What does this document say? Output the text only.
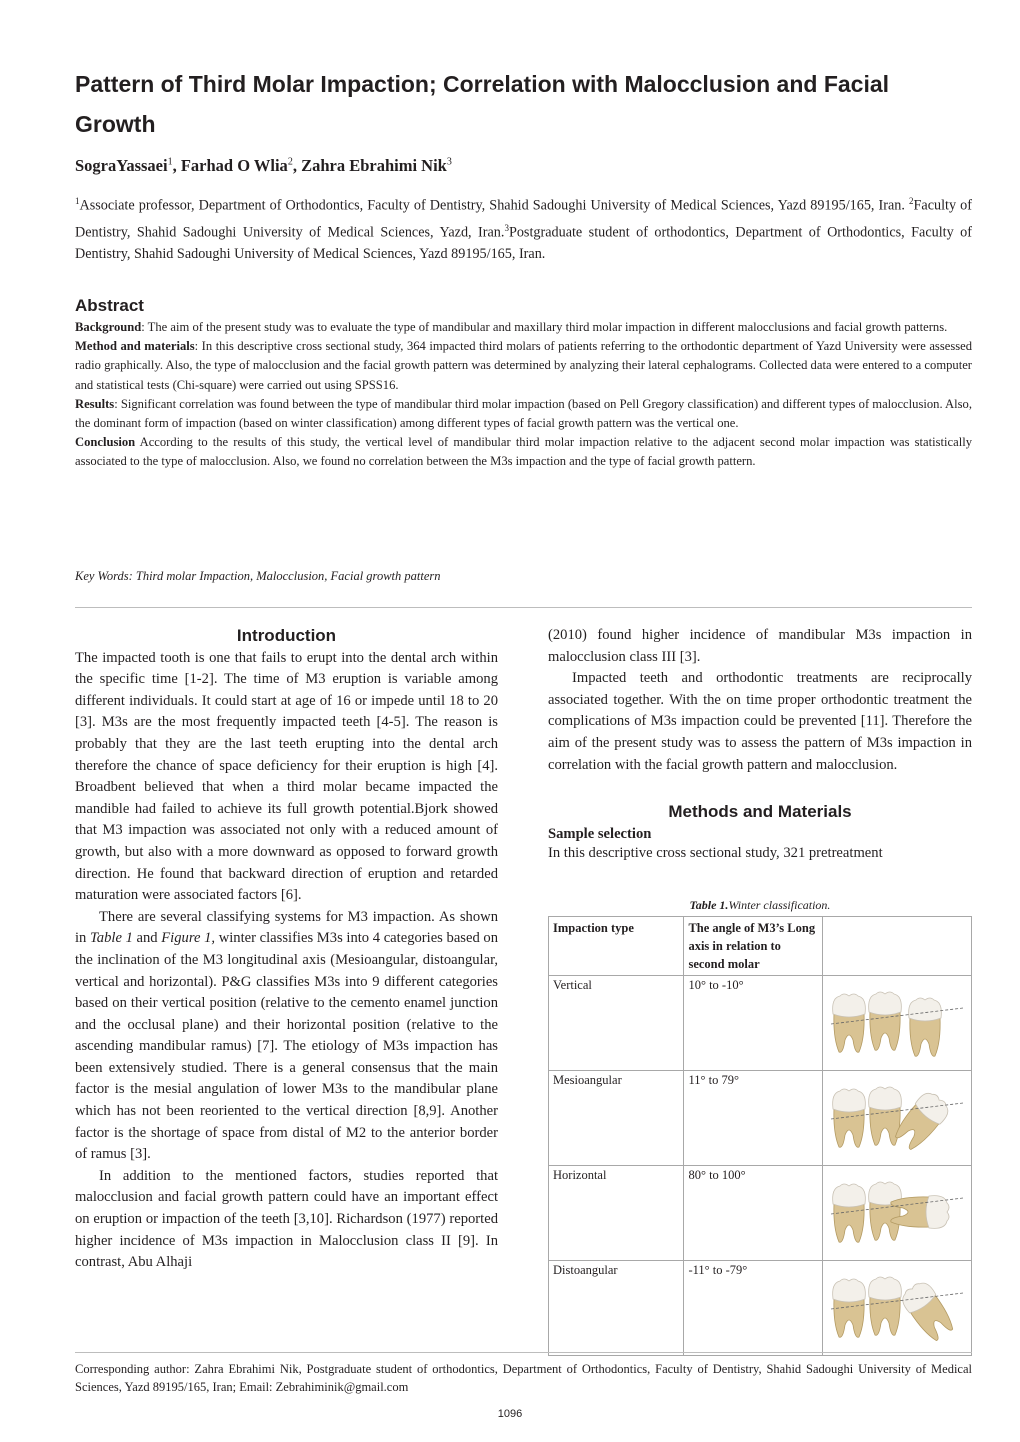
Pattern of Third Molar Impaction; Correlation with Malocclusion and Facial Growth
SograYassaei$^1$, Farhad O Wlia$^2$, Zahra Ebrahimi Nik$^3$
$^1$Associate professor, Department of Orthodontics, Faculty of Dentistry, Shahid Sadoughi University of Medical Sciences, Yazd 89195/165, Iran. $^2$Faculty of Dentistry, Shahid Sadoughi University of Medical Sciences, Yazd, Iran.$^3$Postgraduate student of orthodontics, Department of Orthodontics, Faculty of Dentistry, Shahid Sadoughi University of Medical Sciences, Yazd 89195/165, Iran.
Abstract

Background: The aim of the present study was to evaluate the type of mandibular and maxillary third molar impaction in different malocclusions and facial growth patterns.

Method and materials: In this descriptive cross sectional study, 364 impacted third molars of patients referring to the orthodontic department of Yazd University were assessed radio graphically. Also, the type of malocclusion and the facial growth pattern was determined by analyzing their lateral cephalograms. Collected data were entered to a computer and statistical tests (Chi-square) were carried out using SPSS16.

Results: Significant correlation was found between the type of mandibular third molar impaction (based on Pell Gregory classification) and different types of malocclusion. Also, the dominant form of impaction (based on winter classification) among different types of facial growth pattern was the vertical one.

Conclusion According to the results of this study, the vertical level of mandibular third molar impaction relative to the adjacent second molar impaction was statistically associated to the type of malocclusion. Also, we found no correlation between the M3s impaction and the type of facial growth pattern.

Key Words: Third molar Impaction, Malocclusion, Facial growth pattern
Introduction

The impacted tooth is one that fails to erupt into the dental arch within the specific time [1-2]. The time of M3 eruption is variable among different individuals. It could start at age of 16 or impede until 18 to 20 [3]. M3s are the most frequently impacted teeth [4-5]. The reason is probably that they are the last teeth erupting into the dental arch therefore the chance of space deficiency for their eruption is high [4]. Broadbent believed that when a third molar became impacted the mandible had failed to achieve its full growth potential.Bjork showed that M3 impaction was associated not only with a reduced amount of growth, but also with a more downward as opposed to forward growth direction. He found that backward direction of eruption and retarded maturation were associated factors [6].

There are several classifying systems for M3 impaction. As shown in Table 1 and Figure 1, winter classifies M3s into 4 categories based on the inclination of the M3 longitudinal axis (Mesioangular, distoangular, vertical and horizontal). P&G classifies M3s into 9 different categories based on their vertical position (relative to the cemento enamel junction and the occlusal plane) and their horizontal position (relative to the ascending mandibular ramus) [7]. The etiology of M3s impaction has been extensively studied. There is a general consensus that the main factor is the mesial angulation of lower M3s to the mandibular plane which has not been reoriented to the vertical direction [8,9]. Another factor is the shortage of space from distal of M2 to the anterior border of ramus [3].

In addition to the mentioned factors, studies reported that malocclusion and facial growth pattern could have an important effect on eruption or impaction of the teeth [3,10]. Richardson (1977) reported higher incidence of M3s impaction in Malocclusion class II [9]. In contrast, Abu Alhaji

(2010) found higher incidence of mandibular M3s impaction in malocclusion class III [3].

Impacted teeth and orthodontic treatments are reciprocally associated together. With the on time proper orthodontic treatment the complications of M3s impaction could be prevented [11]. Therefore the aim of the present study was to assess the pattern of M3s impaction in correlation with the facial growth pattern and malocclusion.

Methods and Materials
Sample selection

In this descriptive cross sectional study, 321 pretreatment

Table 1.Winter classification.
Impaction type	The angle of M3’s Long axis in relation to second molar	
Vertical	10° to -10°	
Mesioangular	11° to 79°	
Horizontal	80° to 100°	
Distoangular	-11° to -79°	
Corresponding author: Zahra Ebrahimi Nik, Postgraduate student of orthodontics, Department of Orthodontics, Faculty of Dentistry, Shahid Sadoughi University of Medical Sciences, Yazd 89195/165, Iran; Email: Zebrahiminik@gmail.com
1096
